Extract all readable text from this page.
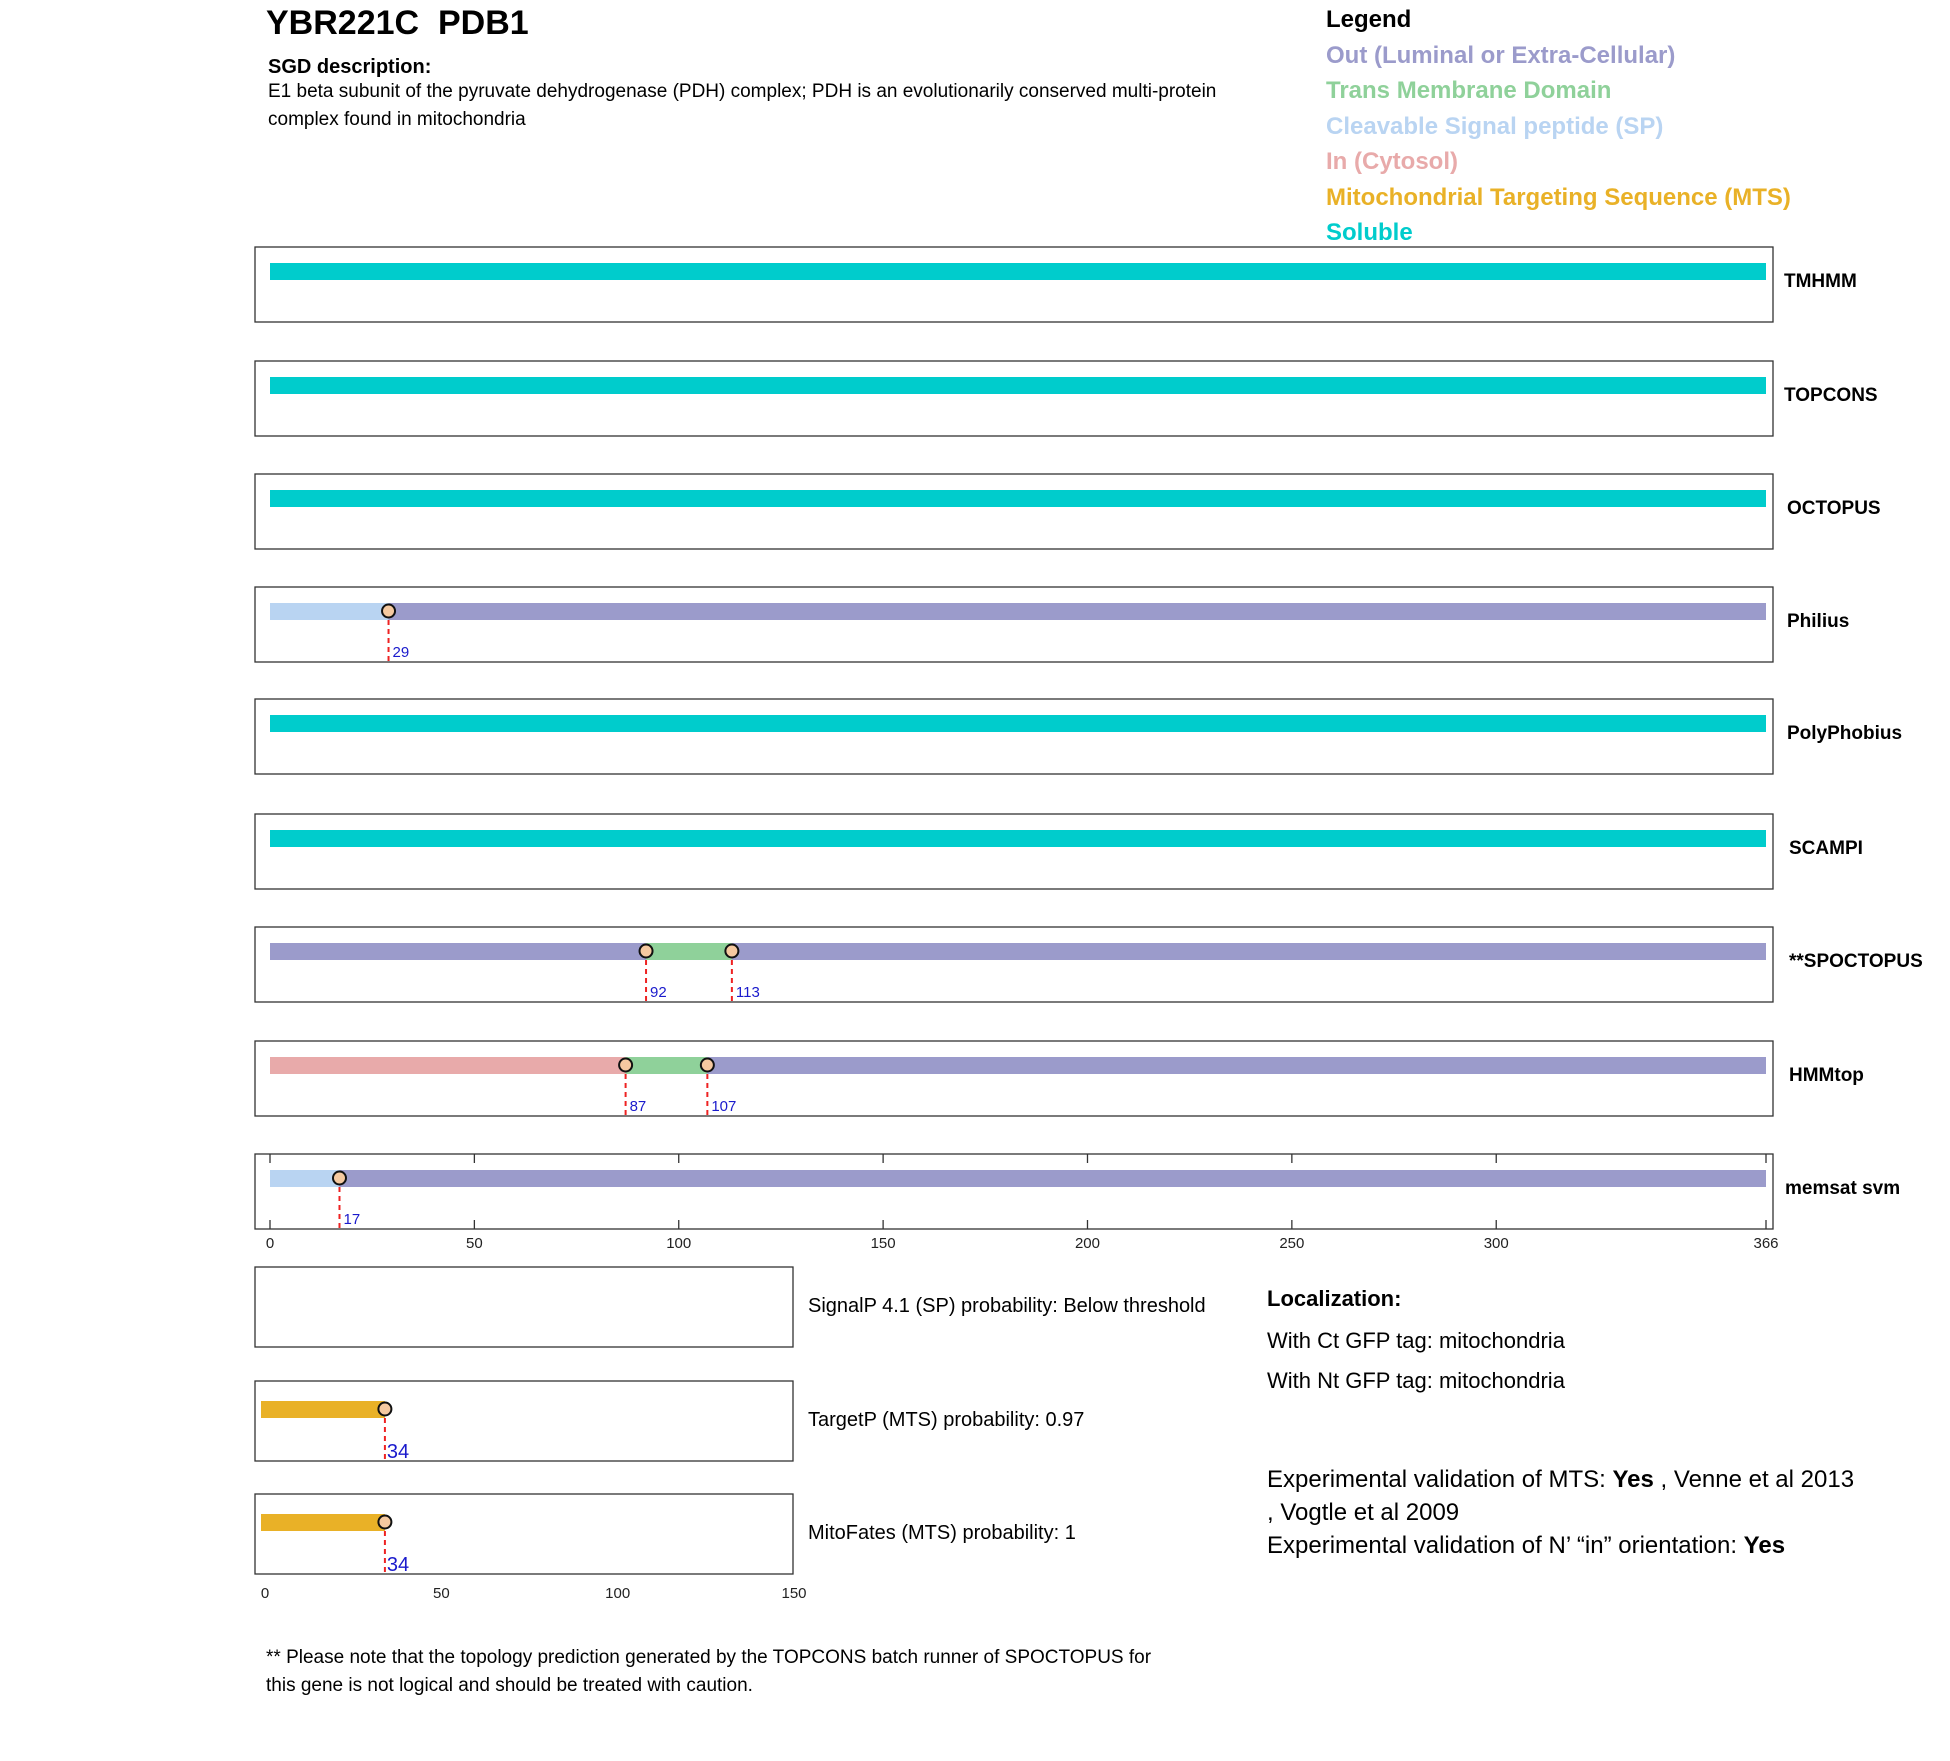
YBR221C  PDB1
SGD description:
E1 beta subunit of the pyruvate dehydrogenase (PDH) complex; PDH is an evolutionarily conserved multi-protein complex found in mitochondria
Legend
Out (Luminal or Extra-Cellular)
Trans Membrane Domain
Cleavable Signal peptide (SP)
In (Cytosol)
Mitochondrial Targeting Sequence (MTS)
Soluble
TMHMM
TOPCONS
OCTOPUS
29
Philius
PolyPhobius
SCAMPI
92	113
**SPOCTOPUS
87	107
HMMtop
17
memsat svm
0	50	100	150	200	250	300	366
SignalP 4.1 (SP) probability: Below threshold
34
TargetP (MTS) probability: 0.97
34
MitoFates (MTS) probability: 1
0	50	100	150
Localization:
With Ct GFP tag: mitochondria
With Nt GFP tag: mitochondria
Experimental validation of MTS: Yes , Venne et al 2013
, Vogtle et al 2009
Experimental validation of N’ “in” orientation: Yes
** Please note that the topology prediction generated by the TOPCONS batch runner of SPOCTOPUS for this gene is not logical and should be treated with caution.
